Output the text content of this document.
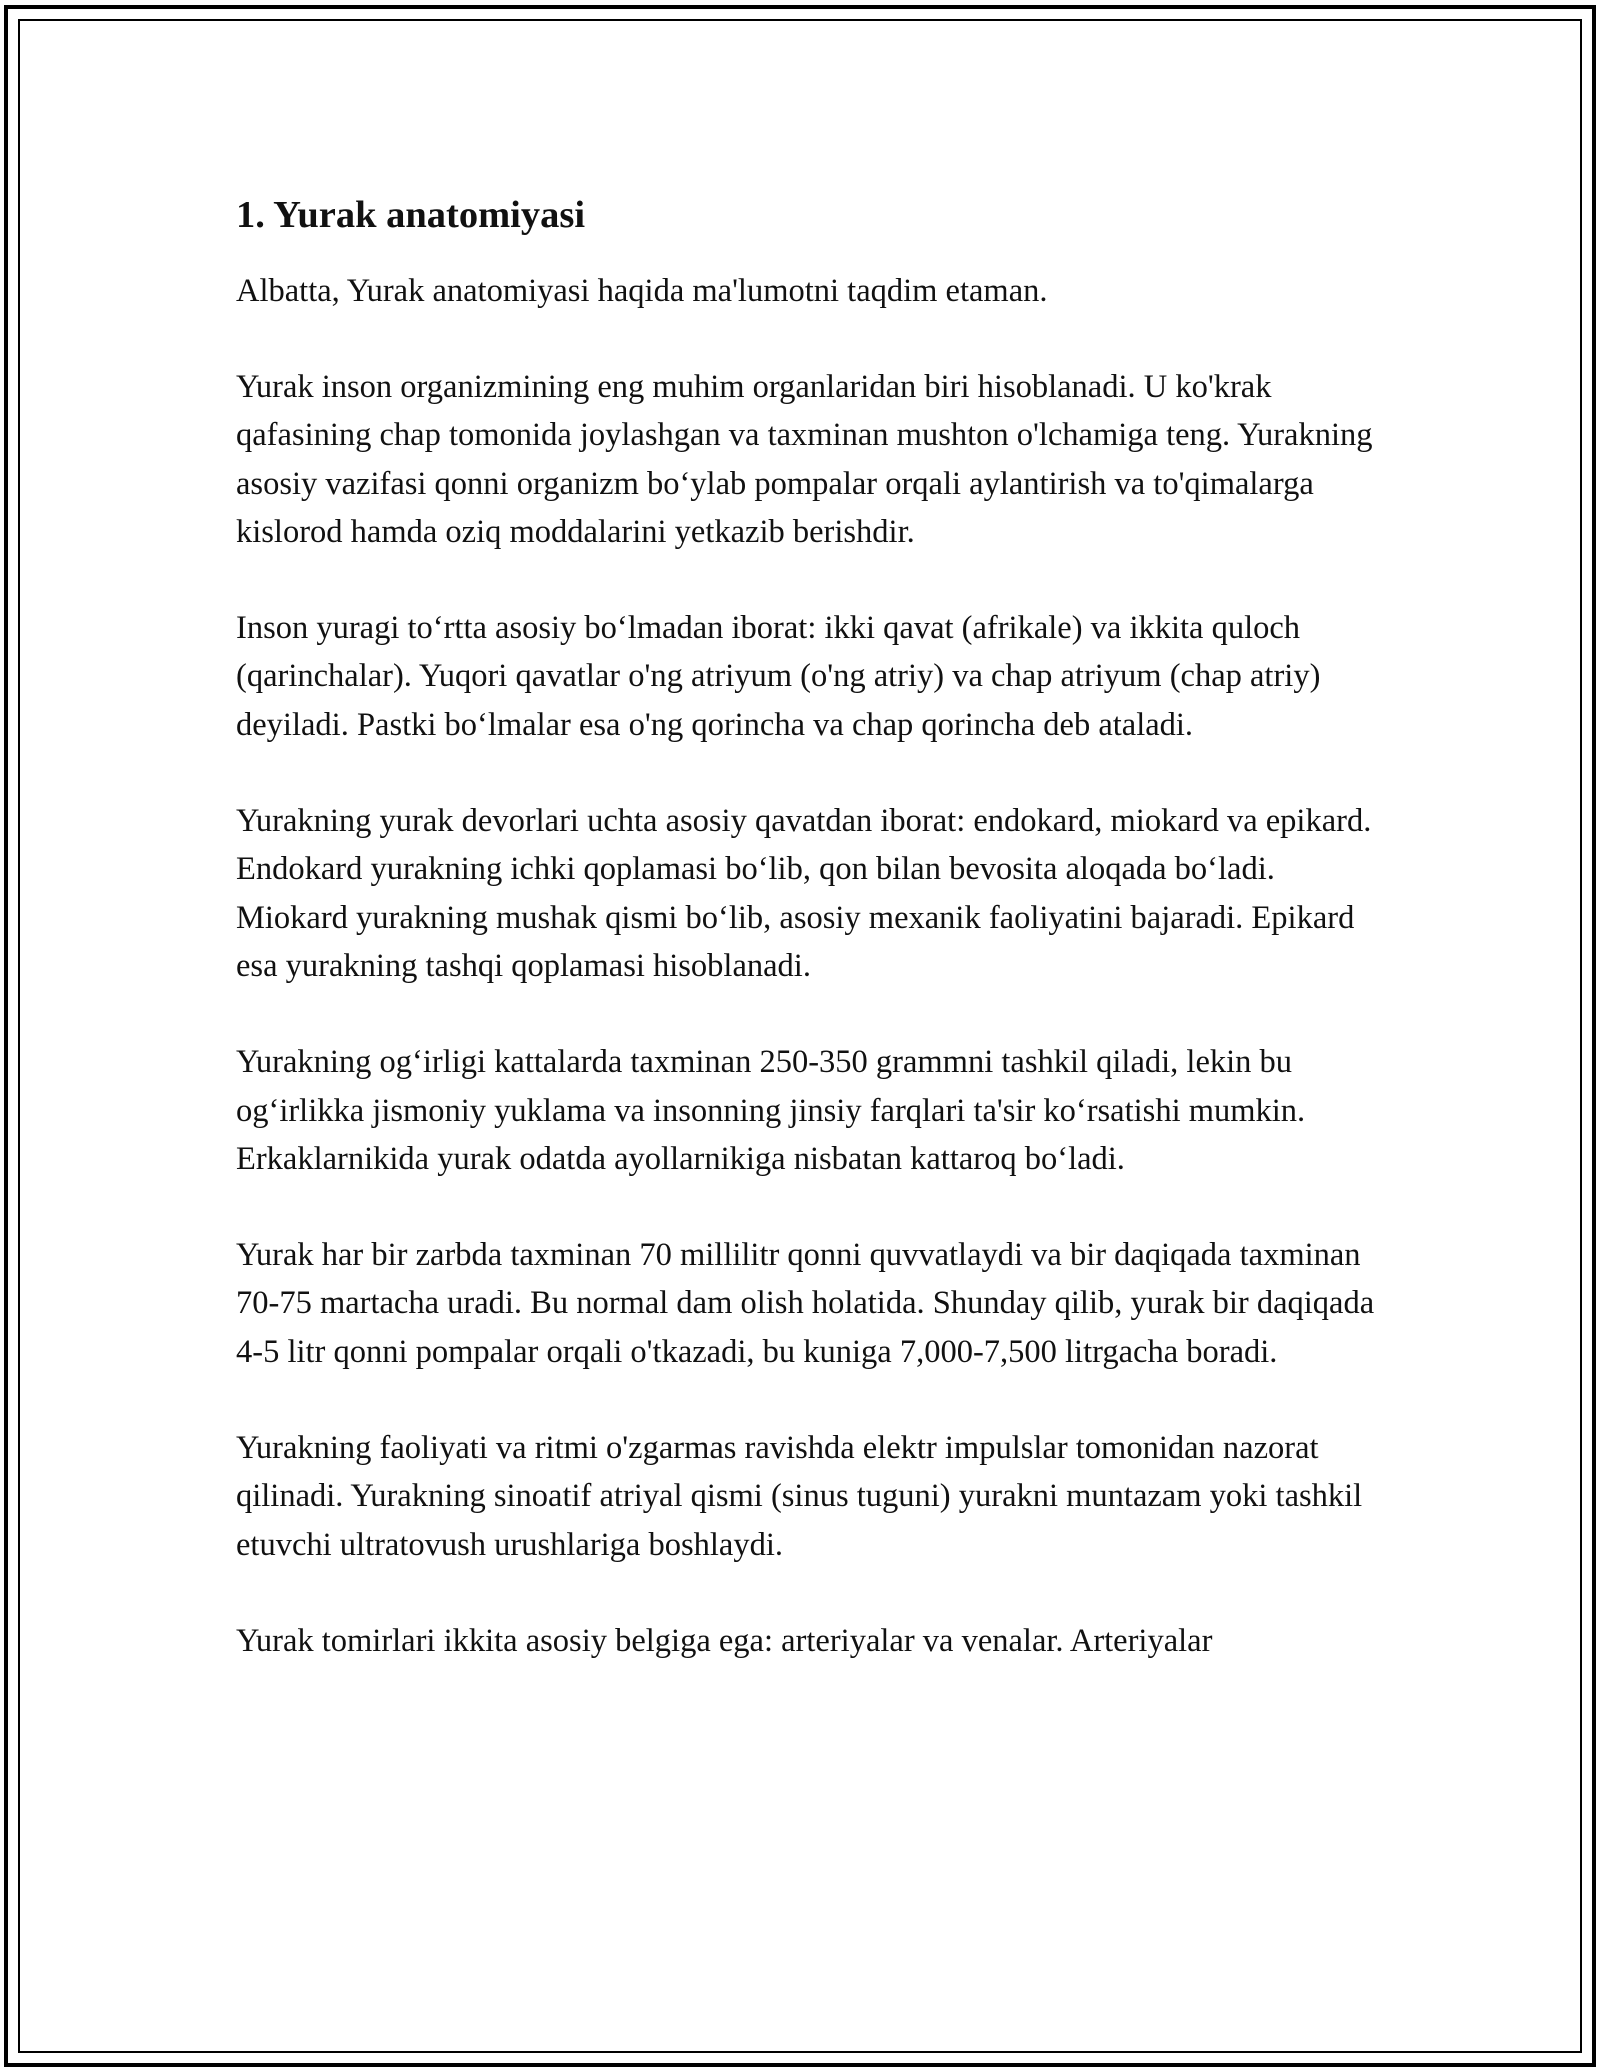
1. Yurak anatomiyasi

Albatta, Yurak anatomiyasi haqida ma'lumotni taqdim etaman.

Yurak inson organizmining eng muhim organlaridan biri hisoblanadi. U ko'krak qafasining chap tomonida joylashgan va taxminan mushton o'lchamiga teng. Yurakning asosiy vazifasi qonni organizm bo‘ylab pompalar orqali aylantirish va to'qimalarga kislorod hamda oziq moddalarini yetkazib berishdir.

Inson yuragi to‘rtta asosiy bo‘lmadan iborat: ikki qavat (afrikale) va ikkita quloch (qarinchalar). Yuqori qavatlar o'ng atriyum (o'ng atriy) va chap atriyum (chap atriy) deyiladi. Pastki bo‘lmalar esa o'ng qorincha va chap qorincha deb ataladi.

Yurakning yurak devorlari uchta asosiy qavatdan iborat: endokard, miokard va epikard. Endokard yurakning ichki qoplamasi bo‘lib, qon bilan bevosita aloqada bo‘ladi. Miokard yurakning mushak qismi bo‘lib, asosiy mexanik faoliyatini bajaradi. Epikard esa yurakning tashqi qoplamasi hisoblanadi.

Yurakning og‘irligi kattalarda taxminan 250-350 grammni tashkil qiladi, lekin bu og‘irlikka jismoniy yuklama va insonning jinsiy farqlari ta'sir ko‘rsatishi mumkin. Erkaklarnikida yurak odatda ayollarnikiga nisbatan kattaroq bo‘ladi.

Yurak har bir zarbda taxminan 70 millilitr qonni quvvatlaydi va bir daqiqada taxminan 70-75 martacha uradi. Bu normal dam olish holatida. Shunday qilib, yurak bir daqiqada 4-5 litr qonni pompalar orqali o'tkazadi, bu kuniga 7,000-7,500 litrgacha boradi.

Yurakning faoliyati va ritmi o'zgarmas ravishda elektr impulslar tomonidan nazorat qilinadi. Yurakning sinoatif atriyal qismi (sinus tuguni) yurakni muntazam yoki tashkil etuvchi ultratovush urushlariga boshlaydi.

Yurak tomirlari ikkita asosiy belgiga ega: arteriyalar va venalar. Arteriyalar
